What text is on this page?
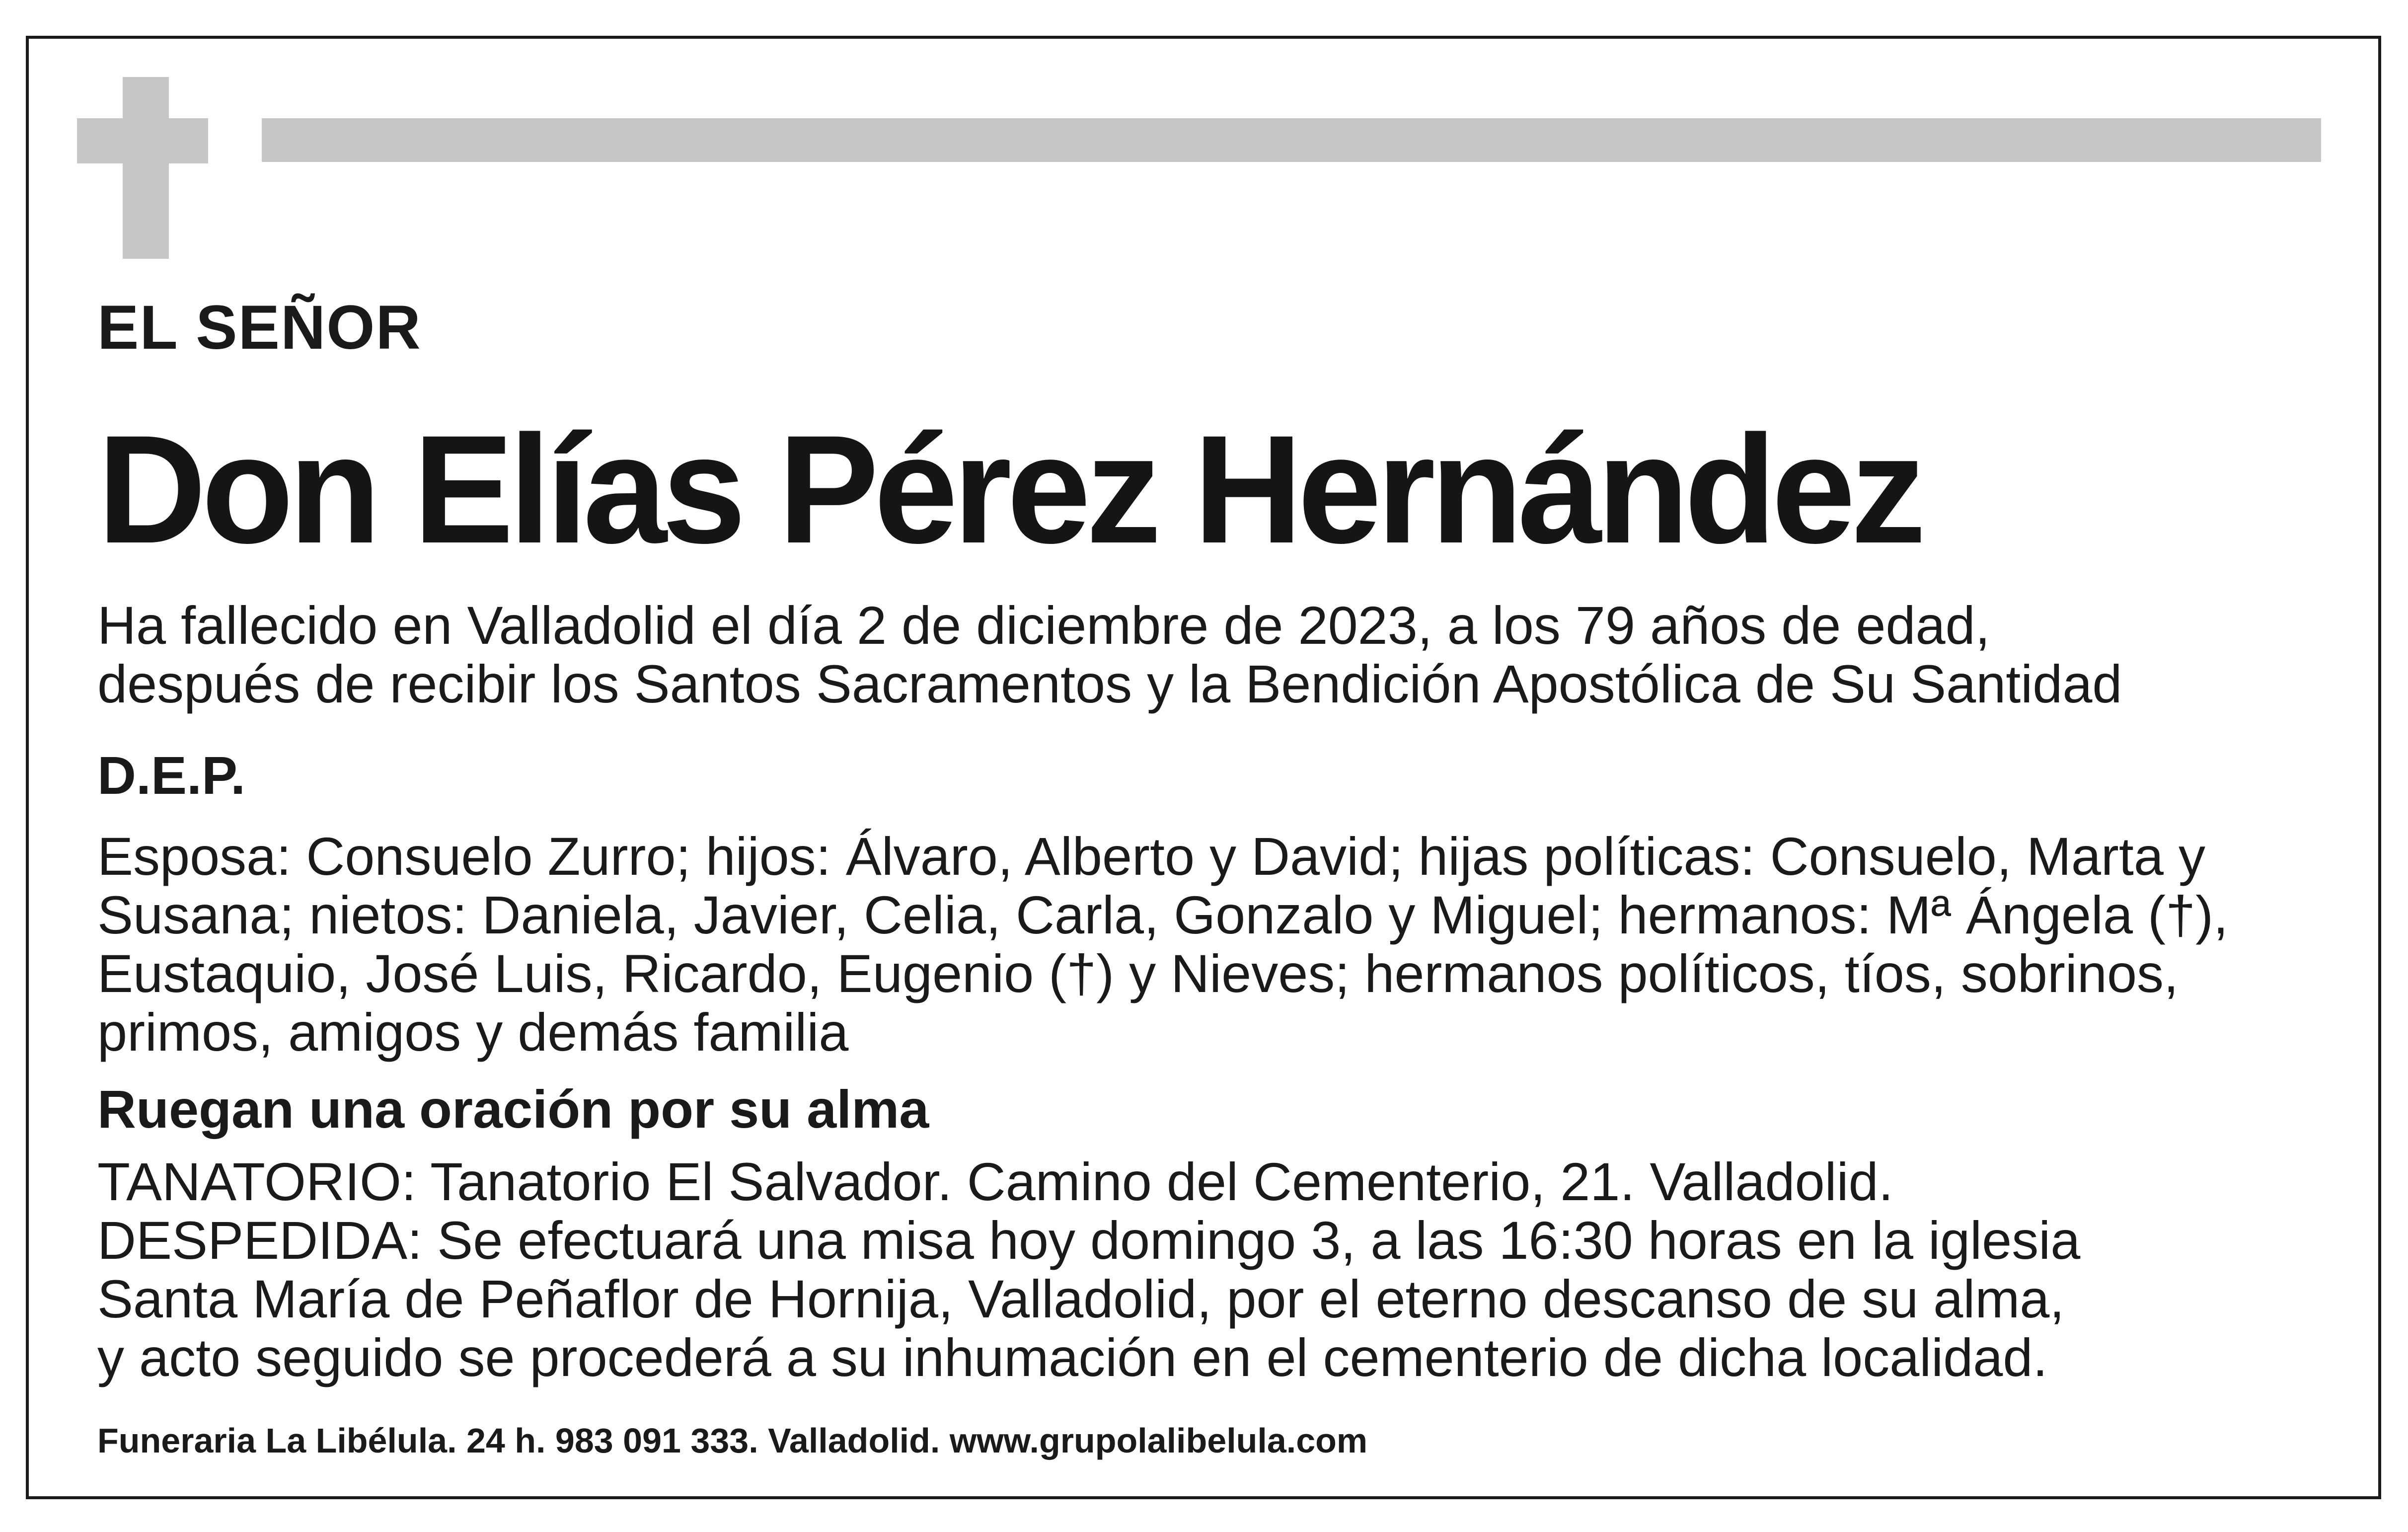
EL SEÑOR
Don Elías Pérez Hernández
Ha fallecido en Valladolid el día 2 de diciembre de 2023, a los 79 años de edad,
después de recibir los Santos Sacramentos y la Bendición Apostólica de Su Santidad
D.E.P.
Esposa: Consuelo Zurro; hijos: Álvaro, Alberto y David; hijas políticas: Consuelo, Marta y
Susana; nietos: Daniela, Javier, Celia, Carla, Gonzalo y Miguel; hermanos: Mª Ángela (†),
Eustaquio, José Luis, Ricardo, Eugenio (†) y Nieves; hermanos políticos, tíos, sobrinos,
primos, amigos y demás familia
Ruegan una oración por su alma
TANATORIO: Tanatorio El Salvador. Camino del Cementerio, 21. Valladolid.
DESPEDIDA: Se efectuará una misa hoy domingo 3, a las 16:30 horas en la iglesia
Santa María de Peñaflor de Hornija, Valladolid, por el eterno descanso de su alma,
y acto seguido se procederá a su inhumación en el cementerio de dicha localidad.
Funeraria La Libélula. 24 h. 983 091 333. Valladolid. www.grupolalibelula.com
